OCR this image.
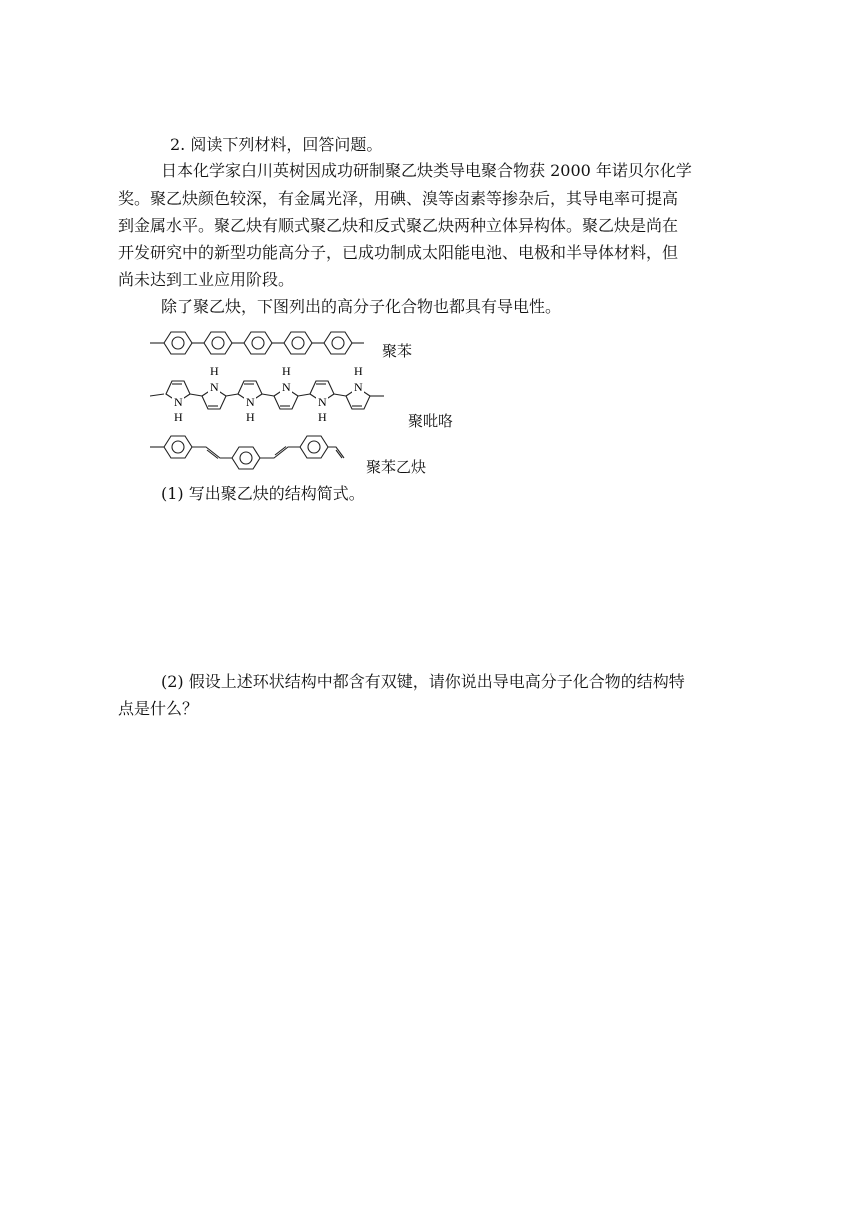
2. 阅读下列材料，回答问题。
日本化学家白川英树因成功研制聚乙炔类导电聚合物获 2000 年诺贝尔化学
奖。聚乙炔颜色较深，有金属光泽，用碘、溴等卤素等掺杂后，其导电率可提高
到金属水平。聚乙炔有顺式聚乙炔和反式聚乙炔两种立体异构体。聚乙炔是尚在
开发研究中的新型功能高分子，已成功制成太阳能电池、电极和半导体材料，但
尚未达到工业应用阶段。
除了聚乙炔，下图列出的高分子化合物也都具有导电性。
聚苯
N
H
N
H
N
H
N
H
N
H
N
H
聚吡咯
聚苯乙炔
(1) 写出聚乙炔的结构简式。
(2) 假设上述环状结构中都含有双键，请你说出导电高分子化合物的结构特
点是什么？
